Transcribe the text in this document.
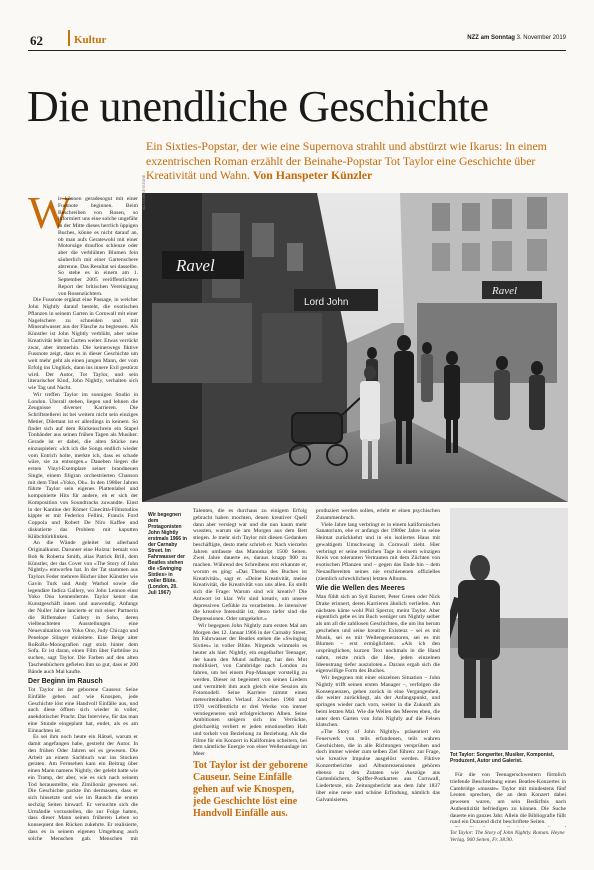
62	Kultur	NZZ am Sonntag 3. November 2019
Die unendliche Geschichte
Ein Sixties-Popstar, der wie eine Supernova strahlt und abstürzt wie Ikarus: In einem exzentrischen Roman erzählt der Beinahe-Popstar Tot Taylor eine Geschichte über Kreativität und Wahn. Von Hanspeter Künzler
Ravel
Lord John
Ravel
ALLSTAR/KEYSTONE
W

ir können geradesogut mit einer Fussnote beginnen. Beim Beschreiben von Rosen, so informiert uns eine solche ungefähr in der Mitte dieses herrlich üppigen Buches, könne es nicht darauf an, ob man aufs Geratewohl mit einer Motorsäge drauflos schlenze oder aber die verblühten Blumen fein säuberlich mit einer Gartenschere abtrenne. Das Resultat sei dasselbe. So stehe es in einem am 1. September 2005 veröffentlichten Report der britischen Vereinigung von Rosenzüchtern.

Die Fussnote ergänzt eine Passage, in welcher John Nightly darauf besteht, die exotischen Pflanzen in seinem Garten in Cornwall mit einer Nagelschere zu schneiden und mit Mineralwasser aus der Flasche zu begiessen. Als Künstler ist John Nightly verblüht, aber seine Kreativität lebt im Garten weiter. Etwas verrückt zwar, aber immerhin. Die keineswegs fiktive Fussnote zeigt, dass es in dieser Geschichte um weit mehr geht als einen jungen Mann, der vom Erfolg ins Unglück, dann ins innere Exil gestürzt wird. Der Autor, Tot Taylor, und sein literarischer Kind, John Nightly, verhalten sich wie Tag und Nacht.

Wir treffen Taylor im sonnigen Studio in London. Überall stehen, liegen und lehnen die Zeugnisse diverser Karrieren. Die Schriftstellerei ist bei weitem nicht sein einziges Metier, Dilettant ist er allerdings in keinem. So findet sich auf dem Rückenschrein ein Stapel Tonbänder aus seinen frühen Tagen als Musiker. Gerade ist er dabei, die alten Stücke neu einzuspielen: «Ich ich die Songs endlich wieder vom Entrich holte, merkte ich, dass es schade wäre, sie zu entsorgen.» Daneben liegen die ersten Vinyl-Exemplare seiner brandneuen Single, einem filigran orchestrierten Chanson mit dem Titel «Yoko, Oh». In den 1980er Jahren führte Taylor sein eigenes Plattenlabel und komponierte Hits für andere, eh er sich der Komposition von Soundtracks zuwandte. Einst in der Kantine der Römer Cinecittà-Filmstudios kippte er mit Federico Fellini, Francis Ford Coppola und Robert De Niro Kaffee und diskutierte das Problem mit kaputten Klübchtürklinken.

An die Wände geleitet ist allerhand Originalkunst. Darunter eine Holzta: bemalt von Bob & Roberta Smith, alias Patrick Brill, dem Künstler, der das Cover von «The Story of John Nightly» entworfen hat. In der Tat stammen aus Taylors Feder mehrere Bücher über Künstler wie Gavin Turk und Andy Warhol sowie die legendäre Indica Gallery, wo John Lennon einst Yoko Ono kennenlernte. Taylor kennt das Kunstgeschäft innen und auswendig. Anfangs der Nuller Jahre lancierte er mit einer Partnerin die Riflemaker Gallery in Soho, deren vielbeachteten Ausstellungen eine Neuevaluation von Yoko Ono, Judy Chicago und Penelope Slinger einleitete. Eine Beige alter RoRoRo-Monografien ragt stolz hinter dem Sofa. Er ist daran, einen Film über Farbtöne zu suchen, sagt Taylor. Die Farben auf den alten Taschenbüchern gefielen ihm so gut, dass er 200 Bände auch Mal kaufte.

Der Beginn im Rausch

Tot Taylor ist der geborene Causeur. Seine Einfälle gehen auf wie Knospen, jede Geschichte löst eine Handvoll Einfälle aus, und auch diese öffnen sich wieder in voller, anekdotischer Pracht. Das Interview, für das man eine Stunde eingeplant hat, endet, als es am Einnachten ist.

Es sei ihm noch heute ein Rätsel, warum er damit angefangen habe, gestreht der Autor. In den frühen Oder Jahren sei es gewesen. Die Arbeit an einem Sachbuch war ins Stocken geraten. Am Fernsehen kam ein Beitrag über einen Mann namens Nightly, der gelebt hatte wie ein Tramp, der aber, wie es sich nach seinem Tod herausstellte, ein Zimilionär gewesen sei. Die Geschichte packte ihn dermassen, dass er sich hinsetzte und wie im Rausch die ersten sechzig Seiten hinwarf. Er versuchte sich die Urmåndie vorzustellen, die zur Folge hatten, dass dieser Mann seinen früheren Leben so konsequent den Rücken zukehrte. Er realisierte, dass es in seinem eigenen Umgebung auch solche Menschen gab. Menschen mit

Wir begegnen dem Protagonisten John Nightly erstmals 1966 in der Carnaby Street. Im Fahrwasser der Beatles stehen die «Swinging Sixties» in voller Blüte. (London, 20. Juli 1967)

Talenten, die es durchaus zu einigem Erfolg gebracht haben mochten, denen kreativer Quell dann aber versiegt war und die nun kaum mehr wussten, warum sie am Morgen aus dem Bett stiegen. Je mehr sich Taylor mit diesen Gedanken beschäftigte, desto mehr schrieb er. Nach vierzehn Jahren umfasste das Manuskript 1500 Seiten. Zwei Jahre dauerte es, daraus knapp 900 zu machen. Während des Schreibens erst erkannte er, worum es ging: «Das Thema des Buches ist Kreativität», sagt er. «Deine Kreativität, meine Kreativität, die Kreativität von uns allen. Es stellt sich die Frage: Warum sind wir kreativ? Die Antwort ist klar. Wir sind kreativ, um unsere depressiven Gefühle zu verarbeiten. Je intensiver die kreative Intensität ist, desto tiefer sind die Depressionen. Oder umgekehrt.»

Wir begegnen John Nightly zum ersten Mal am Morgen des 12. Januar 1966 in der Carnaby Street. Im Fahrwasser der Beatles stehen die «Swinging Sixties» in voller Blüte. Nirgends wimmeln es heuter als hier. Nightly, ein engelhafter Teenager, der kaum den Mund aufbringt, hat den Mut mobilisiert, von Cambridge nach London zu fahren, um bei einem Pop-Manager vorstellig zu werden. Dieser ist begeistert von seinen Liedern und vermittelt ihm auch gleich eine Session als Fotomodell. Seine Karriere nimmt einen meteoritenhaften Verlauf. Zwischen 1966 und 1970 veröffentlicht er drei Werke von immer verstiegeneren und erfolgreicheren Alben. Seine Ambitionen steigern sich ins Verrückte, gleichzeitig verliert er jeden emotionellen Halt und torkelt von Beziehung zu Beziehung. Als die Filme für ein Konzert in Kalifornien scheitern, bei dem sämtliche Energie von einer Wellenanlage im Meer

Tot Taylor ist der geborene Causeur. Seine Einfälle gehen auf wie Knospen, jede Geschichte löst eine Handvoll Einfälle aus.

produziert werden sollen, erlebt er einen psychischen Zusammenbruch.

Viele Jahre lang verbringt er in einem kalifornischen Sanatorium, ehe er anfangs der 1980er Jahre in seine Heimat zurückkehrt und in ein isoliertes Haus mit gewaltigem Umschwung in Cornwall zieht. Hier verbringt er seine restlichen Tage in einem winzigen Kreis von toleranten Vertrauten mit dem Züchten von exotischen Pflanzen und – gegen das Ende hin – dem Neuaufbereiten seines nie erschienenen offizielles (ziemlich schrecklichen) letzten Albums.

Wie die Wellen des Meeres

Man fühlt sich an Syd Barrett, Peter Green oder Nick Drake erinnert, deren Karrieren ähnlich verliefen. Am nächsten käme wohl Phil Spector, meint Taylor. Aber eigentlich gebe es im Buch weniger um Nightly selber als um all die zahllosen Geschichten, die um ihn herum geschehen und seine kreative Existenz – sei es mit Musik, sei es mit Wellengeneratoren, sei es mit Blumen – erst ermöglichten. «Als ich den ursprünglichen, kurzen Text nochmals in die Hand nahm, reizte mich die Idee, jeden einzelnen Ideenstrang tiefer auszuloten.» Daraus ergab sich die eigenwillige Form des Buches.

Wir begegnen mit einer einzelnen Situation – John Nightly trifft seinen ersten Manager –, verfolgen die Konsequenzen, gehen zurück in eine Vergangenheit, die weiter zurückliegt, als der Anfangspunkt, und springen wieder nach vorn, weiter in die Zukunft als beim letzten Mal. Wie die Wellen des Meeres eben, die unter dem Garten von John Nightly auf die Felsen klatschen.

«The Story of John Nightly» präsentiert ein Feuerwerk von teils erfundenen, teils wahren Geschichten, die in alle Richtungen versprühen und doch immer wieder zum selben Ziel führen: zur Frage, wie kreative Impulse ausgelöst werden. Fiktive Konzertberichte und Albumrezensionen gehören ebenso zu den Zutaten wie Auszüge aus Gartenbüchern, Spiffer-Postkarten aus Cornwall, Liedertexte, ein Zeitungsbericht aus dem Jahr 1837 über eine neue und schöne Erfindung, nämlich das Galvanisieren.

Tot Taylor: Songwriter, Musiker, Komponist, Produzent, Autor und Galerist.

Für die von Teenagerschwestern förmlich triefende Beschreibung eines Beatles-Konzertes in Cambridge «musste» Taylor mit mindestens fünf Leuten sprechen, die an dem Konzert dabei gewesen waren, um sein Bedürfnis nach Authentizität befriedigen zu können. Die Suche dauerte ein ganzes Jahr. Allein die Bibliografie füllt rund ein Dutzend dicht beschriftete Seiten.

Tot Taylor: The Story of John Nightly. Roman. Heyne Verlag. 960 Seiten, Fr. 38.90.
